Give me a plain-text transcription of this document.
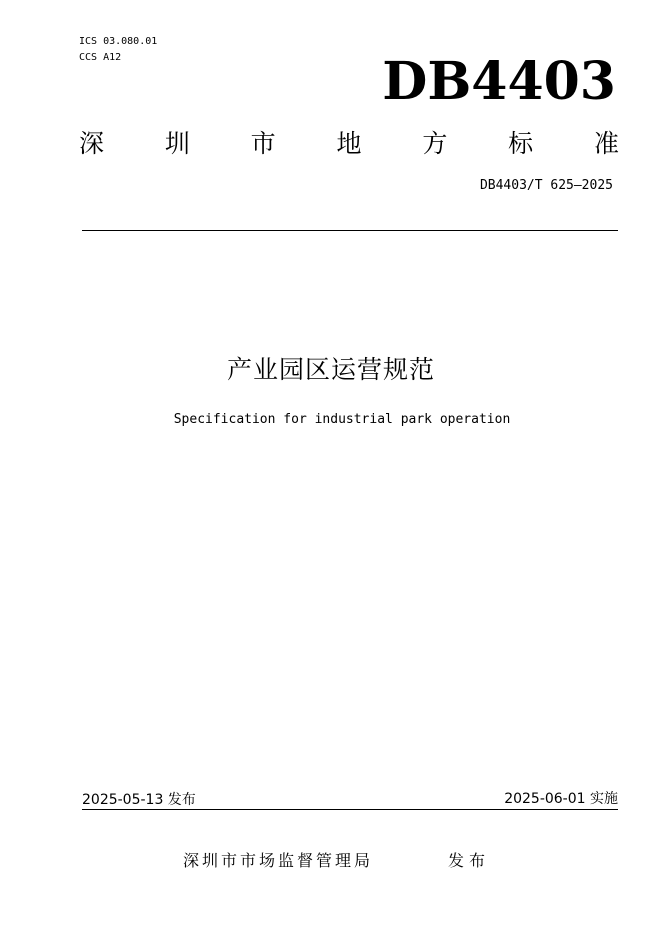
ICS 03.080.01
CCS A12	DB4403
深 圳 市 地 方 标 准
DB4403/T 625—2025
产业园区运营规范
Specification for industrial park operation
2025-05-13 发布	2025-06-01 实施
深圳市市场监督管理局	发布
